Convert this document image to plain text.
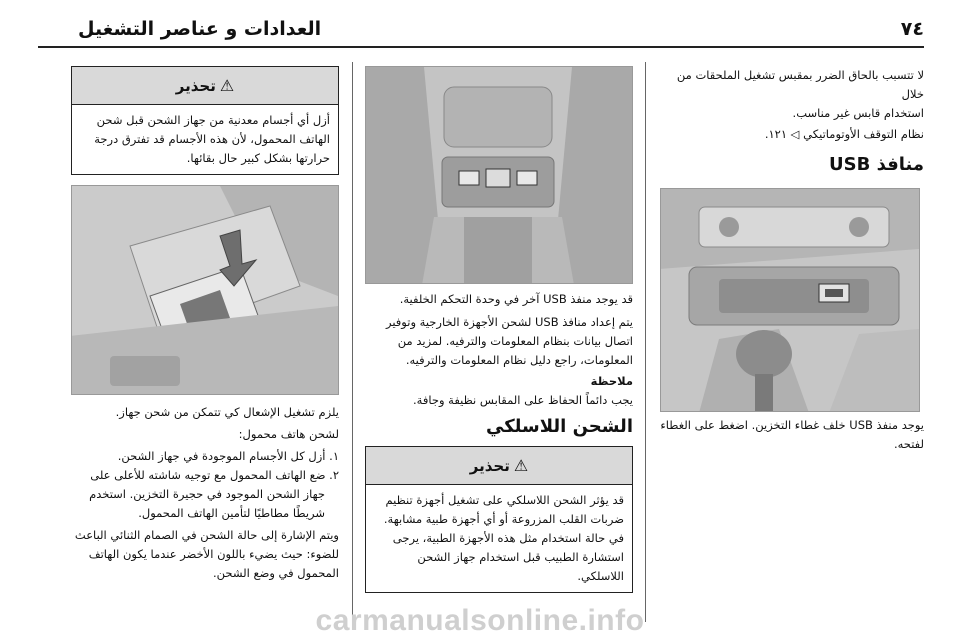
٧٤
العدادات و عناصر التشغيل

لا تتسبب بالحاق الضرر بمقبس تشغيل الملحقات من خلال

استخدام قابس غير مناسب.

نظام التوقف الأوتوماتيكي ◁ ١٢١.

منافذ USB

يوجد منفذ USB خلف غطاء التخزين. اضغط على الغطاء

لفتحه.

قد يوجد منفذ USB آخر في وحدة التحكم الخلفية.

يتم إعداد منافذ USB لشحن الأجهزة الخارجية وتوفير

اتصال بيانات بنظام المعلومات والترفيه. لمزيد من

المعلومات، راجع دليل نظام المعلومات والترفيه.

ملاحظة

يجب دائماً الحفاظ على المقابس نظيفة وجافة.

الشحن اللاسلكي
⚠
تحذير

قد يؤثر الشحن اللاسلكي على تشغيل أجهزة تنظيم

ضربات القلب المزروعة أو أي أجهزة طبية مشابهة.

في حالة استخدام مثل هذه الأجهزة الطبية، يرجى

استشارة الطبيب قبل استخدام جهاز الشحن اللاسلكي.

⚠
تحذير

أزل أي أجسام معدنية من جهاز الشحن قبل شحن

الهاتف المحمول، لأن هذه الأجسام قد تفترق درجة

حرارتها بشكل كبير حال بقائها.

يلزم تشغيل الإشعال كي تتمكن من شحن جهاز.

لشحن هاتف محمول:

١. أزل كل الأجسام الموجودة في جهاز الشحن.

٢. ضع الهاتف المحمول مع توجيه شاشته للأعلى على

جهاز الشحن الموجود في حجيرة التخزين. استخدم

شريطًا مطاطيًا لتأمين الهاتف المحمول.

ويتم الإشارة إلى حالة الشحن في الصمام الثنائي الباعث

للضوء: حيث يضيء باللون الأخضر عندما يكون الهاتف

المحمول في وضع الشحن.

carmanualsonline.info
